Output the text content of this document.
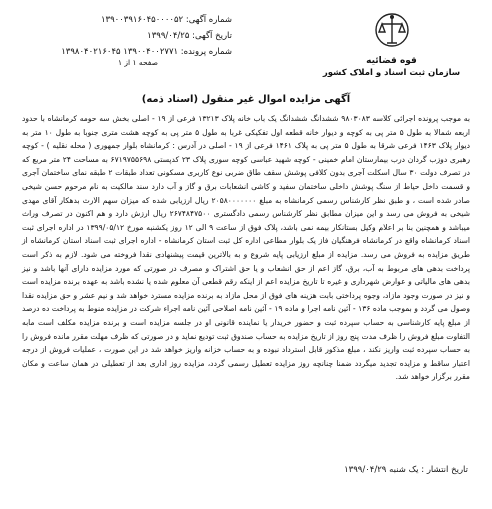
قوه قضائیه
سازمان ثبت اسناد و املاک کشور
شماره آگهی: ۱۳۹۰۰۳۹۱۶۰۴۵۰۰۰۰۵۲
تاریخ آگهی: ۱۳۹۹/۰۴/۲۵
شماره پرونده: ۱۳۹۰۰۴۰۰۲۷۷۱ ۱۳۹۸۰۴۰۲۱۶۰۴۵
صفحه ۱ از ۱
آگهی مزایده اموال غیر منقول (اسناد ذمه)

به موجب پرونده اجرائی کلاسه ۹۸۰۳۰۸۳ ششدانگ ششدانگ یک باب خانه پلاک ۱۳۲۱۳ فرعی از ۱۹ - اصلی بخش سه حومه کرمانشاه با حدود اربعه شمالا به طول ۵ متر پی به کوچه و دیوار خانه قطعه اول تفکیکی غربا به طول ۵ متر پی به کوچه هشت متری جنوبا به طول ۱۰ متر به دیوار پلاک ۱۴۶۳ فرعی شرقا به طول ۵ متر پی به پلاک ۱۴۶۱ فرعی از ۱۹ - اصلی در آدرس : کرمانشاه بلوار جمهوری ( محله نقلیه ) - کوچه رهبری دوزب گردان درب بیمارستان امام خمینی - کوچه شهید عباسی کوچه سوری پلاک ۲۳ کدپستی ۶۷۱۹۷۵۵۶۹۸ به مساحت ۲۴ متر مربع که در تصرف دولت ۳۰ سال اسکلت آجری بدون کلافی پوشش سقف طاق ضربی نوع کاربری مسکونی تعداد طبقات ۲ طبقه نمای ساختمان آجری و قسمت داخل حیاط از سنگ پوشش داخلی ساختمان سفید و کاشی انشعابات برق و گاز و آب دارد سند مالکیت به نام مرحوم حسن شیخی صادر شده است ، و طبق نظر کارشناس رسمی کرمانشاه به مبلغ ۲۰۵۸۰۰۰۰۰۰۰ ریال ارزیابی شده که میزان سهم الارث بدهکار آقای مهدی شیخی به فروش می رسد و این میزان مطابق نظر کارشناس رسمی دادگستری ۲۶۷۴۸۴۷۵۰۰ ریال ارزش دارد و هم اکنون در تصرف وراث میباشد و همچنین بنا بر اعلام وکیل بستانکار بیمه نمی باشد، پلاک فوق از ساعت ۹ الی ۱۲ روز یکشنبه مورخ ۱۳۹۹/۰۵/۱۲ در اداره اجرای ثبت اسناد کرمانشاه واقع در کرمانشاه فرهنگیان فاز یک بلوار مطاعی اداره کل ثبت استان کرمانشاه - اداره اجرای ثبت اسناد استان کرمانشاه از طریق مزایده به فروش می رسد. مزایده از مبلغ ارزیابی پایه شروع و به بالاترین قیمت پیشنهادی نقدا فروخته می شود. لازم به ذکر است پرداخت بدهی های مربوط به آب، برق، گاز اعم از حق انشعاب و یا حق اشتراک و مصرف در صورتی که مورد مزایده دارای آنها باشد و نیز بدهی های مالیاتی و عوارض شهرداری و غیره تا تاریخ مزایده اعم از اینکه رقم قطعی آن معلوم شده یا نشده باشد به عهده برنده مزایده است و نیز در صورت وجود مازاد، وجوه پرداختی بابت هزینه های فوق از محل مازاد به برنده مزایده مسترد خواهد شد و نیم عشر و حق مزایده نقدا وصول می گردد و بموجب ماده ۱۳۶ - آئین نامه اجرا و ماده ۱۹ - آئین نامه اصلاحی آئین نامه اجراء شرکت در مزایده منوط به پرداخت ده درصد از مبلغ پایه کارشناسی به حساب سپرده ثبت و حضور خریدار یا نماینده قانونی او در جلسه مزایده است و برنده مزایده مکلف است مابه التفاوت مبلغ فروش را ظرف مدت پنج روز از تاریخ مزایده به حساب صندوق ثبت تودیع نماید و در صورتی که ظرف مهلت مقرر مانده فروش را به حساب سپرده ثبت واریز نکند ، مبلغ مذکور قابل استرداد نبوده و به حساب خزانه واریز خواهد شد در این صورت ، عملیات فروش از درجه اعتبار ساقط و مزایده تجدید میگردد ضمنا چنانچه روز مزایده تعطیل رسمی گردد، مزایده روز اداری بعد از تعطیلی در همان ساعت و مکان مقرر برگزار خواهد شد.

تاریخ انتشار : یک شنبه ۱۳۹۹/۰۴/۲۹
